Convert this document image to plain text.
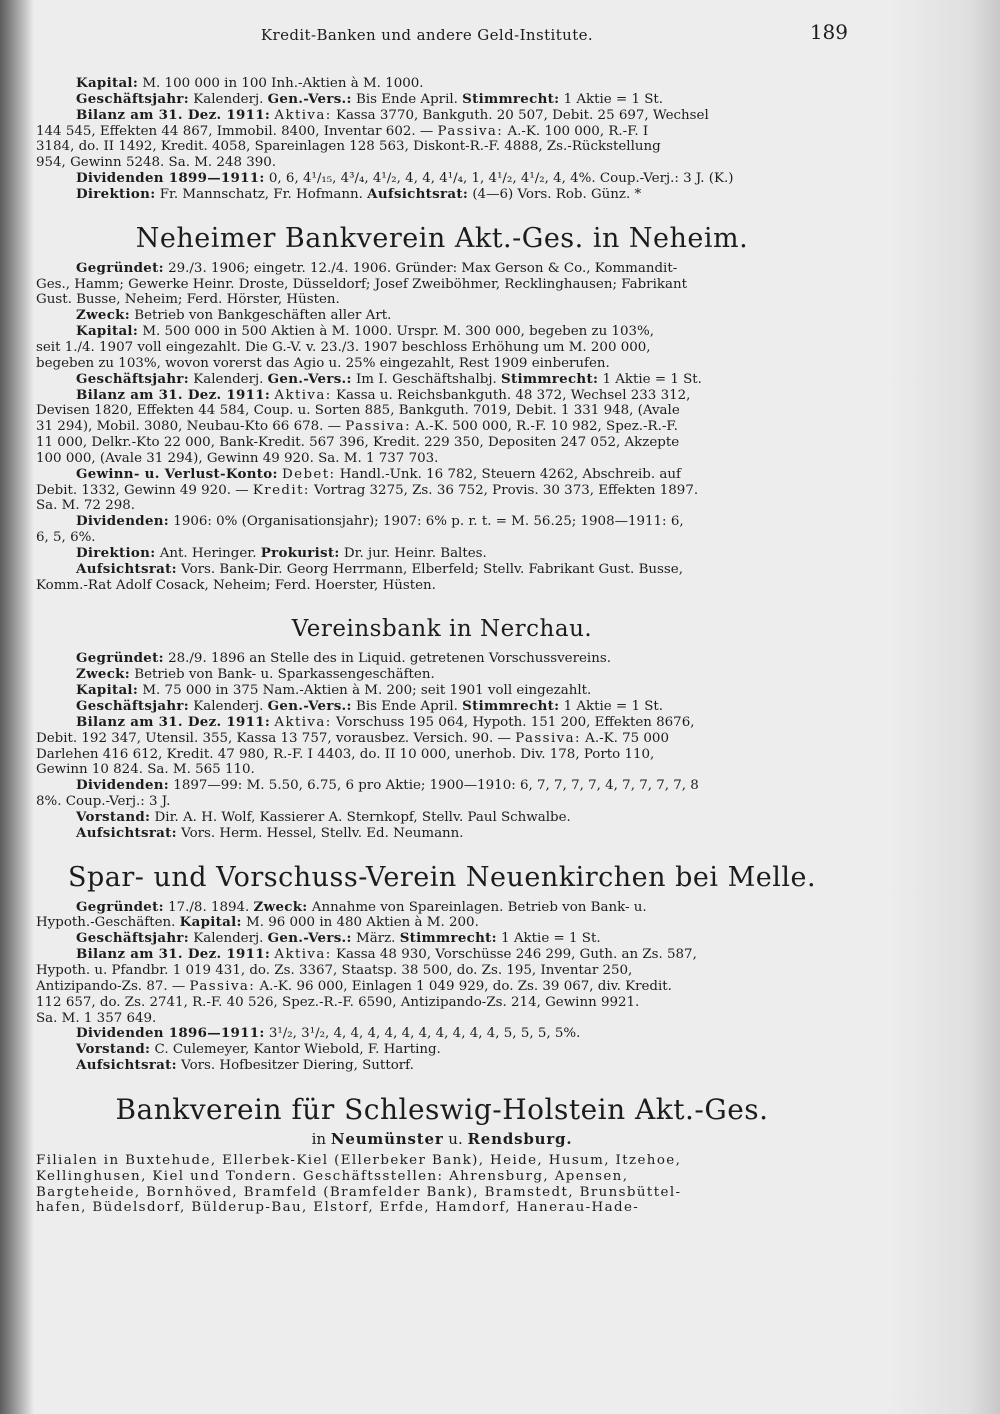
Kredit-Banken und andere Geld-Institute.	189

Kapital: M. 100 000 in 100 Inh.-Aktien à M. 1000.

Geschäftsjahr: Kalenderj. Gen.-Vers.: Bis Ende April. Stimmrecht: 1 Aktie = 1 St.

Bilanz am 31. Dez. 1911: Aktiva: Kassa 3770, Bankguth. 20 507, Debit. 25 697, Wechsel

144 545, Effekten 44 867, Immobil. 8400, Inventar 602. — Passiva: A.-K. 100 000, R.-F. I

3184, do. II 1492, Kredit. 4058, Spareinlagen 128 563, Diskont-R.-F. 4888, Zs.-Rückstellung

954, Gewinn 5248. Sa. M. 248 390.

Dividenden 1899—1911: 0, 6, 4¹/₁₅, 4³/₄, 4¹/₂, 4, 4, 4¹/₄, 1, 4¹/₂, 4¹/₂, 4, 4%. Coup.-Verj.: 3 J. (K.)

Direktion: Fr. Mannschatz, Fr. Hofmann. Aufsichtsrat: (4—6) Vors. Rob. Günz. *

Neheimer Bankverein Akt.-Ges. in Neheim.

Gegründet: 29./3. 1906; eingetr. 12./4. 1906. Gründer: Max Gerson & Co., Kommandit-

Ges., Hamm; Gewerke Heinr. Droste, Düsseldorf; Josef Zweiböhmer, Recklinghausen; Fabrikant

Gust. Busse, Neheim; Ferd. Hörster, Hüsten.

Zweck: Betrieb von Bankgeschäften aller Art.

Kapital: M. 500 000 in 500 Aktien à M. 1000. Urspr. M. 300 000, begeben zu 103%,

seit 1./4. 1907 voll eingezahlt. Die G.-V. v. 23./3. 1907 beschloss Erhöhung um M. 200 000,

begeben zu 103%, wovon vorerst das Agio u. 25% eingezahlt, Rest 1909 einberufen.

Geschäftsjahr: Kalenderj. Gen.-Vers.: Im I. Geschäftshalbj. Stimmrecht: 1 Aktie = 1 St.

Bilanz am 31. Dez. 1911: Aktiva: Kassa u. Reichsbankguth. 48 372, Wechsel 233 312,

Devisen 1820, Effekten 44 584, Coup. u. Sorten 885, Bankguth. 7019, Debit. 1 331 948, (Avale

31 294), Mobil. 3080, Neubau-Kto 66 678. — Passiva: A.-K. 500 000, R.-F. 10 982, Spez.-R.-F.

11 000, Delkr.-Kto 22 000, Bank-Kredit. 567 396, Kredit. 229 350, Depositen 247 052, Akzepte

100 000, (Avale 31 294), Gewinn 49 920. Sa. M. 1 737 703.

Gewinn- u. Verlust-Konto: Debet: Handl.-Unk. 16 782, Steuern 4262, Abschreib. auf

Debit. 1332, Gewinn 49 920. — Kredit: Vortrag 3275, Zs. 36 752, Provis. 30 373, Effekten 1897.

Sa. M. 72 298.

Dividenden: 1906: 0% (Organisationsjahr); 1907: 6% p. r. t. = M. 56.25; 1908—1911: 6,

6, 5, 6%.

Direktion: Ant. Heringer. Prokurist: Dr. jur. Heinr. Baltes.

Aufsichtsrat: Vors. Bank-Dir. Georg Herrmann, Elberfeld; Stellv. Fabrikant Gust. Busse,

Komm.-Rat Adolf Cosack, Neheim; Ferd. Hoerster, Hüsten.

Vereinsbank in Nerchau.

Gegründet: 28./9. 1896 an Stelle des in Liquid. getretenen Vorschussvereins.

Zweck: Betrieb von Bank- u. Sparkassengeschäften.

Kapital: M. 75 000 in 375 Nam.-Aktien à M. 200; seit 1901 voll eingezahlt.

Geschäftsjahr: Kalenderj. Gen.-Vers.: Bis Ende April. Stimmrecht: 1 Aktie = 1 St.

Bilanz am 31. Dez. 1911: Aktiva: Vorschuss 195 064, Hypoth. 151 200, Effekten 8676,

Debit. 192 347, Utensil. 355, Kassa 13 757, vorausbez. Versich. 90. — Passiva: A.-K. 75 000

Darlehen 416 612, Kredit. 47 980, R.-F. I 4403, do. II 10 000, unerhob. Div. 178, Porto 110,

Gewinn 10 824. Sa. M. 565 110.

Dividenden: 1897—99: M. 5.50, 6.75, 6 pro Aktie; 1900—1910: 6, 7, 7, 7, 7, 4, 7, 7, 7, 7, 8

8%. Coup.-Verj.: 3 J.

Vorstand: Dir. A. H. Wolf, Kassierer A. Sternkopf, Stellv. Paul Schwalbe.

Aufsichtsrat: Vors. Herm. Hessel, Stellv. Ed. Neumann.

Spar- und Vorschuss-Verein Neuenkirchen bei Melle.

Gegründet: 17./8. 1894. Zweck: Annahme von Spareinlagen. Betrieb von Bank- u.

Hypoth.-Geschäften. Kapital: M. 96 000 in 480 Aktien à M. 200.

Geschäftsjahr: Kalenderj. Gen.-Vers.: März. Stimmrecht: 1 Aktie = 1 St.

Bilanz am 31. Dez. 1911: Aktiva: Kassa 48 930, Vorschüsse 246 299, Guth. an Zs. 587,

Hypoth. u. Pfandbr. 1 019 431, do. Zs. 3367, Staatsp. 38 500, do. Zs. 195, Inventar 250,

Antizipando-Zs. 87. — Passiva: A.-K. 96 000, Einlagen 1 049 929, do. Zs. 39 067, div. Kredit.

112 657, do. Zs. 2741, R.-F. 40 526, Spez.-R.-F. 6590, Antizipando-Zs. 214, Gewinn 9921.

Sa. M. 1 357 649.

Dividenden 1896—1911: 3¹/₂, 3¹/₂, 4, 4, 4, 4, 4, 4, 4, 4, 4, 4, 5, 5, 5, 5%.

Vorstand: C. Culemeyer, Kantor Wiebold, F. Harting.

Aufsichtsrat: Vors. Hofbesitzer Diering, Suttorf.

Bankverein für Schleswig-Holstein Akt.-Ges.
in Neumünster u. Rendsburg.

Filialen in Buxtehude, Ellerbek-Kiel (Ellerbeker Bank), Heide, Husum, Itzehoe,

Kellinghusen, Kiel und Tondern. Geschäftsstellen: Ahrensburg, Apensen,

Bargteheide, Bornhöved, Bramfeld (Bramfelder Bank), Bramstedt, Brunsbüttel-

hafen, Büdelsdorf, Bülderup-Bau, Elstorf, Erfde, Hamdorf, Hanerau-Hade-
